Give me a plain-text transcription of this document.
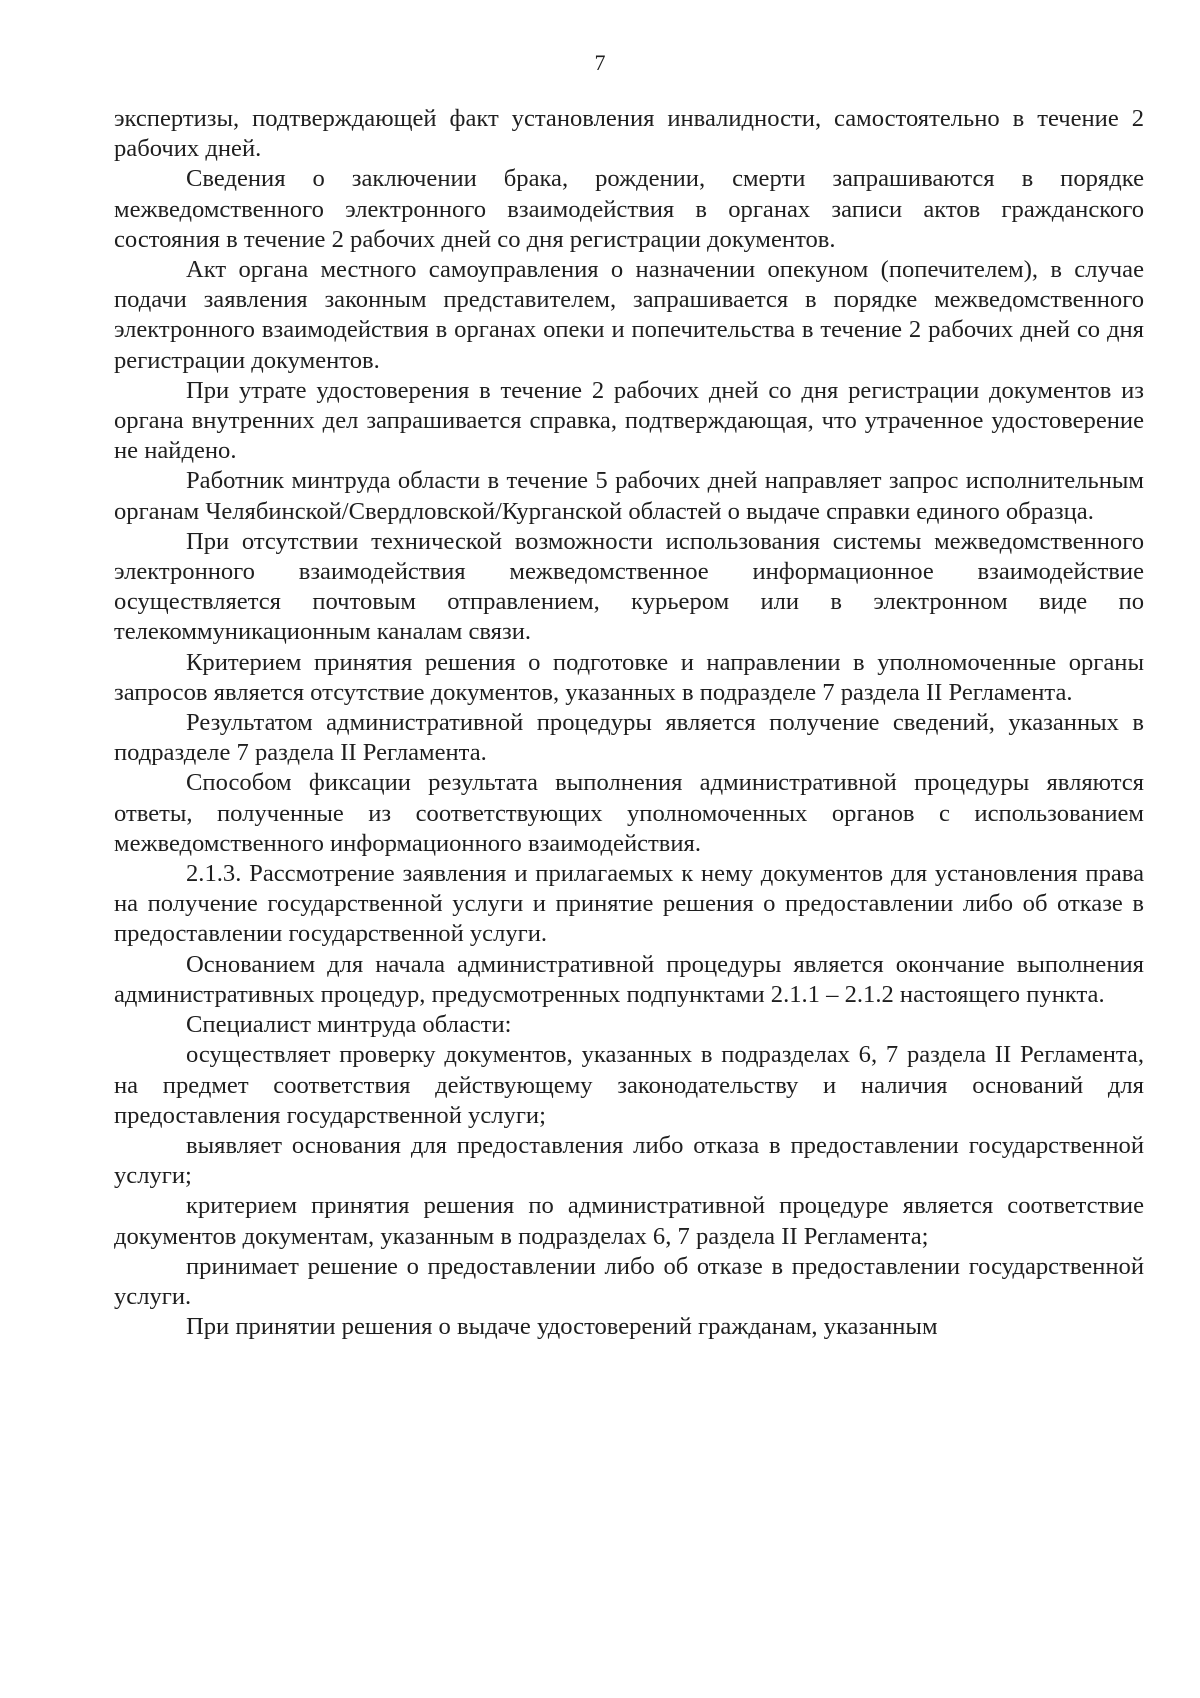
7

экспертизы, подтверждающей факт установления инвалидности, самостоятельно в течение 2 рабочих дней.

Сведения о заключении брака, рождении, смерти запрашиваются в порядке межведомственного электронного взаимодействия в органах записи актов гражданского состояния в течение 2 рабочих дней со дня регистрации документов.

Акт органа местного самоуправления о назначении опекуном (попечителем), в случае подачи заявления законным представителем, запрашивается в порядке межведомственного электронного взаимодействия в органах опеки и попечительства в течение 2 рабочих дней со дня регистрации документов.

При утрате удостоверения в течение 2 рабочих дней со дня регистрации документов из органа внутренних дел запрашивается справка, подтверждающая, что утраченное удостоверение не найдено.

Работник минтруда области в течение 5 рабочих дней направляет запрос исполнительным органам Челябинской/Свердловской/Курганской областей о выдаче справки единого образца.

При отсутствии технической возможности использования системы межведомственного электронного взаимодействия межведомственное информационное взаимодействие осуществляется почтовым отправлением, курьером или в электронном виде по телекоммуникационным каналам связи.

Критерием принятия решения о подготовке и направлении в уполномоченные органы запросов является отсутствие документов, указанных в подразделе 7 раздела II Регламента.

Результатом административной процедуры является получение сведений, указанных в подразделе 7 раздела II Регламента.

Способом фиксации результата выполнения административной процедуры являются ответы, полученные из соответствующих уполномоченных органов с использованием межведомственного информационного взаимодействия.

2.1.3. Рассмотрение заявления и прилагаемых к нему документов для установления права на получение государственной услуги и принятие решения о предоставлении либо об отказе в предоставлении государственной услуги.

Основанием для начала административной процедуры является окончание выполнения административных процедур, предусмотренных подпунктами 2.1.1 – 2.1.2 настоящего пункта.

Специалист минтруда области:

осуществляет проверку документов, указанных в подразделах 6, 7 раздела II Регламента, на предмет соответствия действующему законодательству и наличия оснований для предоставления государственной услуги;

выявляет основания для предоставления либо отказа в предоставлении государственной услуги;

критерием принятия решения по административной процедуре является соответствие документов документам, указанным в подразделах 6, 7 раздела II Регламента;

принимает решение о предоставлении либо об отказе в предоставлении государственной услуги.

При принятии решения о выдаче удостоверений гражданам, указанным
